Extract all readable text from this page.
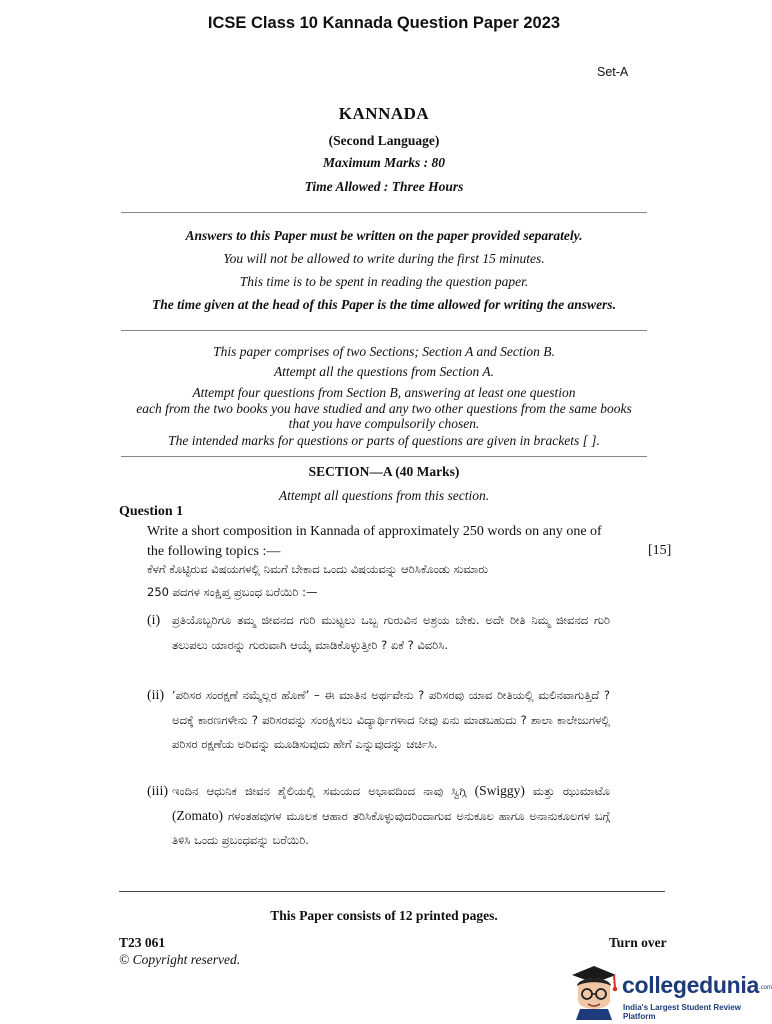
ICSE Class 10 Kannada Question Paper 2023
Set-A
KANNADA
(Second Language)
Maximum Marks : 80
Time Allowed : Three Hours
Answers to this Paper must be written on the paper provided separately.
You will not be allowed to write during the first 15 minutes.
This time is to be spent in reading the question paper.
The time given at the head of this Paper is the time allowed for writing the answers.
This paper comprises of two Sections; Section A and Section B.
Attempt all the questions from Section A.
Attempt four questions from Section B, answering at least one question
each from the two books you have studied and any two other questions from the same books
that you have compulsorily chosen.
The intended marks for questions or parts of questions are given in brackets [ ].
SECTION—A (40 Marks)
Attempt all questions from this section.
Question 1
Write a short composition in Kannada of approximately 250 words on any one of the following topics :—	[15]
ಕೆಳಗೆ ಕೊಟ್ಟಿರುವ ವಿಷಯಗಳಲ್ಲಿ ನಿಮಗೆ ಬೇಕಾದ ಒಂದು ವಿಷಯವನ್ನು ಆರಿಸಿಕೊಂಡು ಸುಮಾರು
250 ಪದಗಳ ಸಂಕ್ಷಿಪ್ತ ಪ್ರಬಂಧ ಬರೆಯಿರಿ :—
(i) ಪ್ರತಿಯೊಬ್ಬರಿಗೂ ತಮ್ಮ ಜೀವನದ ಗುರಿ ಮುಟ್ಟಲು ಒಬ್ಬ ಗುರುವಿನ ಅಶ್ರಯ ಬೇಕು. ಅದೇ ರೀತಿ ನಿಮ್ಮ ಜೀವನದ ಗುರಿ ತಲುಪಲು ಯಾರನ್ನು ಗುರುವಾಗಿ ಆಯ್ಕೆ ಮಾಡಿಕೊಳ್ಳುತ್ತೀರಿ ? ಏಕೆ ? ವಿವರಿಸಿ.
(ii) ‘ಪರಿಸರ ಸಂರಕ್ಷಣೆ ನಮ್ಮೆಲ್ಲರ ಹೊಣೆ’ – ಈ ಮಾತಿನ ಅರ್ಥವೇನು ? ಪರಿಸರವು ಯಾವ ರೀತಿಯಲ್ಲಿ ಮಲಿನವಾಗುತ್ತಿದೆ ? ಅದಕ್ಕೆ ಕಾರಣಗಳೇನು ? ಪರಿಸರವನ್ನು ಸಂರಕ್ಷಿಸಲು ವಿದ್ಯಾರ್ಥಿಗಳಾದ ನೀವು ಏನು ಮಾಡಬಹುದು ? ಶಾಲಾ ಕಾಲೇಜುಗಳಲ್ಲಿ ಪರಿಸರ ರಕ್ಷಣೆಯ ಅರಿವನ್ನು ಮೂಡಿಸುವುದು ಹೇಗೆ ಎನ್ನುವುದನ್ನು ಚರ್ಚಿಸಿ.
(iii) ಇಂದಿನ ಆಧುನಿಕ ಜೀವನ ಶೈಲಿಯಲ್ಲಿ ಸಮಯದ ಅಭಾವದಿಂದ ನಾವು ಸ್ವಿಗ್ಗಿ (Swiggy) ಮತ್ತು ಝುಮಾಟೊ (Zomato) ಗಳಂತಹವುಗಳ ಮೂಲಕ ಆಹಾರ ತರಿಸಿಕೊಳ್ಳುವುದರಿಂದಾಗುವ ಅನುಕೂಲ ಹಾಗೂ ಅನಾನುಕೂಲಗಳ ಬಗ್ಗೆ ತಿಳಿಸಿ ಒಂದು ಪ್ರಬಂಧವನ್ನು ಬರೆಯಿರಿ.
This Paper consists of 12 printed pages.
T23 061	Turn over
© Copyright reserved.
collegedunia .com
India's Largest Student Review Platform
